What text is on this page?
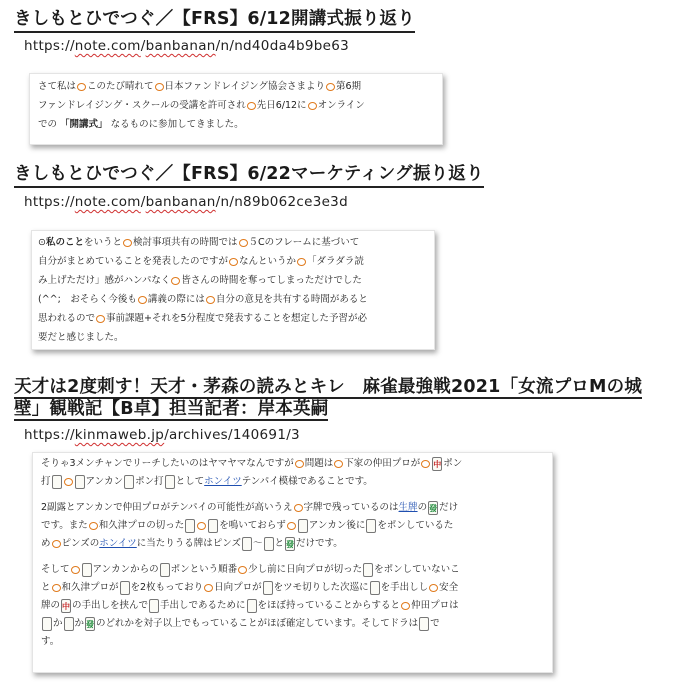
きしもとひでつぐ／【FRS】6/12開講式振り返り
https://note.com/banbanan/n/nd40da4b9be63

さて私は○このたび晴れて○日本ファンドレイジング協会さまより○第6期

ファンドレイジング・スクールの受講を許可され○先日6/12に○オンライン

での 「開講式」 なるものに参加してきました。

きしもとひでつぐ／【FRS】6/22マーケティング振り返り
https://note.com/banbanan/n/n89b062ce3e3d

⊙私のことをいうと○検討事項共有の時間では○５Cのフレームに基づいて

自分がまとめていることを発表したのですが○なんというか○「ダラダラ読

み上げただけ」感がハンパなく○皆さんの時間を奪ってしまっただけでした

(^^;　おそらく今後も○講義の際には○自分の意見を共有する時間があると

思われるので○事前課題+それを5分程度で発表することを想定した予習が必

要だと感じました。

天才は2度刺す！天才・茅森の読みとキレ　麻雀最強戦2021「女流プロMの城壁」観戦記【B卓】担当記者：岸本英嗣
https://kinmaweb.jp/archives/140691/3

そりゃ3メンチャンでリーチしたいのはヤマヤマなんですが○問題は○下家の仲田プロが○ 中 ポン

打 ○ アンカン ポン打 としてホンイツテンパイ模様であることです。

2副露とアンカンで仲田プロがテンパイの可能性が高いうえ○字牌で残っているのは生牌の 發 だけ

です。また○和久津プロの切った ○ を鳴いておらず○ アンカン後に をポンしているた

め○ピンズのホンイツに当たりうる牌はピンズ 〜 と 發 だけです。

そして○ アンカンからの ポンという順番○少し前に日向プロが切った をポンしていないこ

と○和久津プロが を2枚もっており○日向プロが をツモ切りした次巡に を手出しし○安全

牌の 中 の手出しを挟んで 手出しであるために をほぼ持っていることからすると○仲田プロは

か か 發 のどれかを対子以上でもっていることがほぼ確定しています。そしてドラは で

す。
